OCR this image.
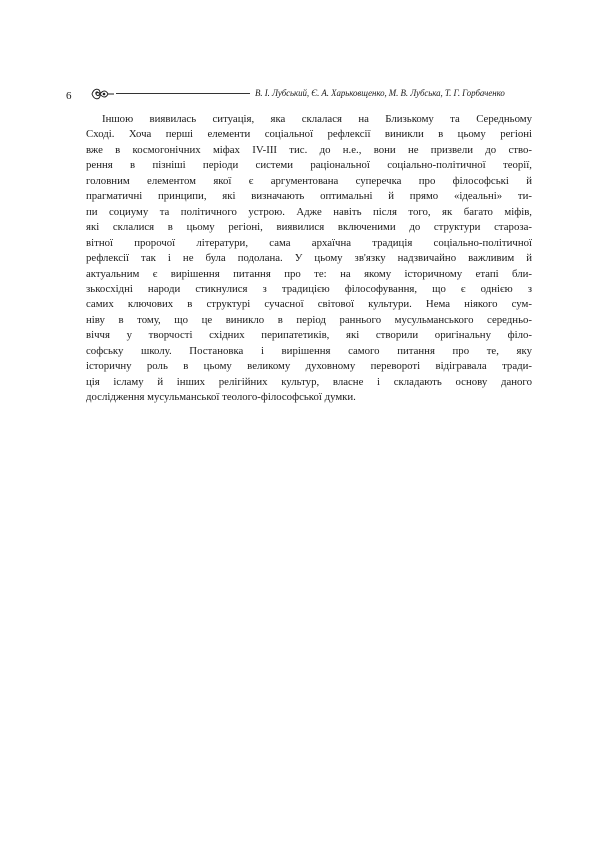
6	В. І. Лубський, Є. А. Харьковщенко, М. В. Лубська, Т. Г. Горбаченко
Іншою виявилась ситуація, яка склалася на Близькому та Середньому
Сході. Хоча перші елементи соціальної рефлексії виникли в цьому регіоні
вже в космогонічних міфах IV-III тис. до н.е., вони не призвели до ство-
рення в пізніші періоди системи раціональної соціально-політичної теорії,
головним елементом якої є аргументована суперечка про філософські й
прагматичні принципи, які визначають оптимальні й прямо «ідеальні» ти-
пи социуму та політичного устрою. Адже навіть після того, як багато міфів,
які склалися в цьому регіоні, виявилися включеними до структури староза-
вітної пророчої літератури, сама архаїчна традиція соціально-політичної
рефлексії так і не була подолана. У цьому зв'язку надзвичайно важливим й
актуальним є вирішення питання про те: на якому історичному етапі бли-
зькосхідні народи стикнулися з традицією філософування, що є однією з
самих ключових в структурі сучасної світової культури. Нема ніякого сум-
ніву в тому, що це виникло в період раннього мусульманського середньо-
віччя у творчості східних перипатетиків, які створили оригінальну філо-
софську школу. Постановка і вирішення самого питання про те, яку
історичну роль в цьому великому духовному перевороті відігравала тради-
ція ісламу й інших релігійних культур, власне і складають основу даного
дослідження мусульманської теолого-філософської думки.
